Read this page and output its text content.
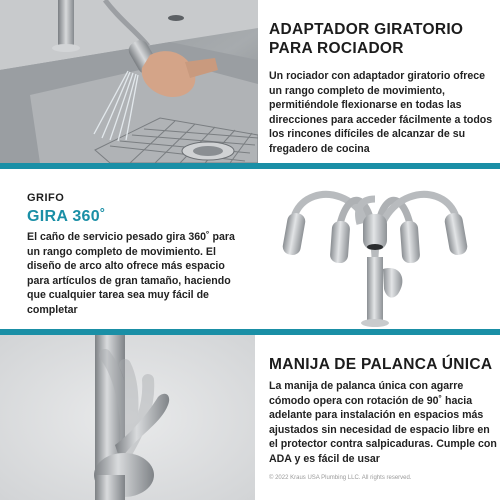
ADAPTADOR GIRATORIO PARA ROCIADOR

Un rociador con adaptador giratorio ofrece un rango completo de movimiento, permitiéndole flexionarse en todas las direcciones para acceder fácilmente a todos los rincones difíciles de alcanzar de su fregadero de cocina

GRIFO
GIRA 360˚

El caño de servicio pesado gira 360˚ para un rango completo de movimiento. El diseño de arco alto ofrece más espacio para artículos de gran tamaño, haciendo que cualquier tarea sea muy fácil de completar

MANIJA DE PALANCA ÚNICA

La manija de palanca única con agarre cómodo opera con rotación de 90˚ hacia adelante para instalación en espacios más ajustados sin necesidad de espacio libre en el protector contra salpicaduras. Cumple con ADA y es fácil de usar

© 2022 Kraus USA Plumbing LLC. All rights reserved.
